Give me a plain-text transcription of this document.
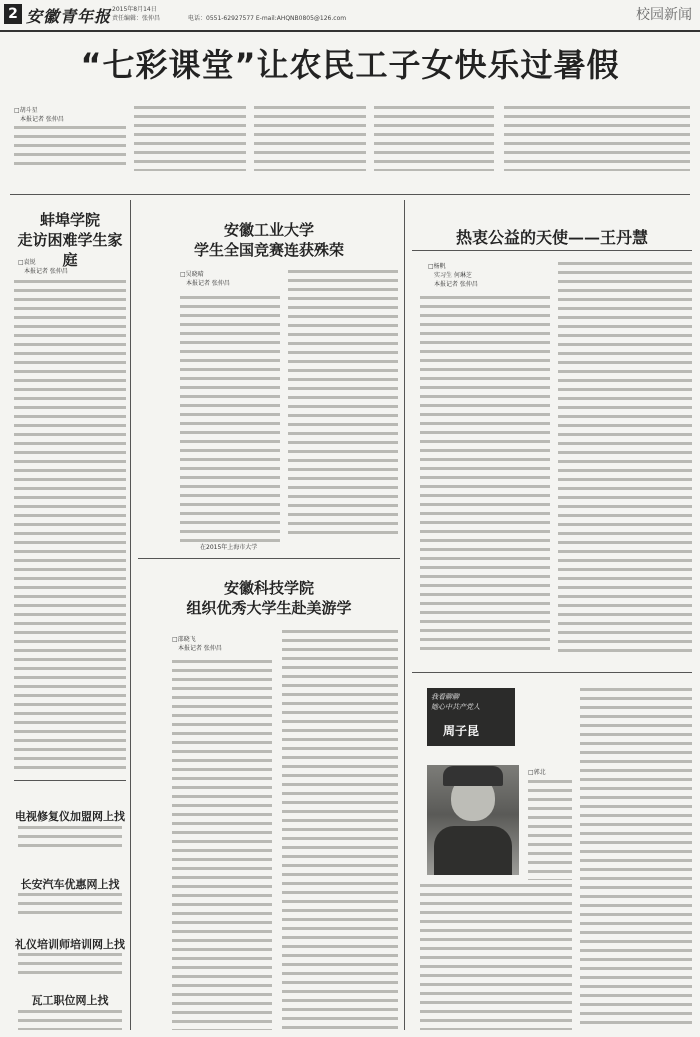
2 安徽青年报 2015年8月14日
责任编辑：张仲昌	电话：0551-62927577 E-mail:AHQNB0805@126.com	校园新闻
“七彩课堂”让农民工子女快乐过暑假
□胡斗星
本报记者 张仲昌
蚌埠学院
走访困难学生家庭
□袁锐
本报记者 张仲昌
电视修复仪加盟网上找
长安汽车优惠网上找
礼仪培训师培训网上找
瓦工职位网上找
安徽工业大学
学生全国竞赛连获殊荣
□吴晓晴
本报记者 张仲昌
在2015年上海市大学
安徽科技学院
组织优秀大学生赴美游学
□邵晓飞
本报记者 张仲昌
热衷公益的天使——王丹慧
□杨帆
实习生 何琳芝
本报记者 张仲昌
我看聊聊
她心中共产党人
周子昆
□郭北
